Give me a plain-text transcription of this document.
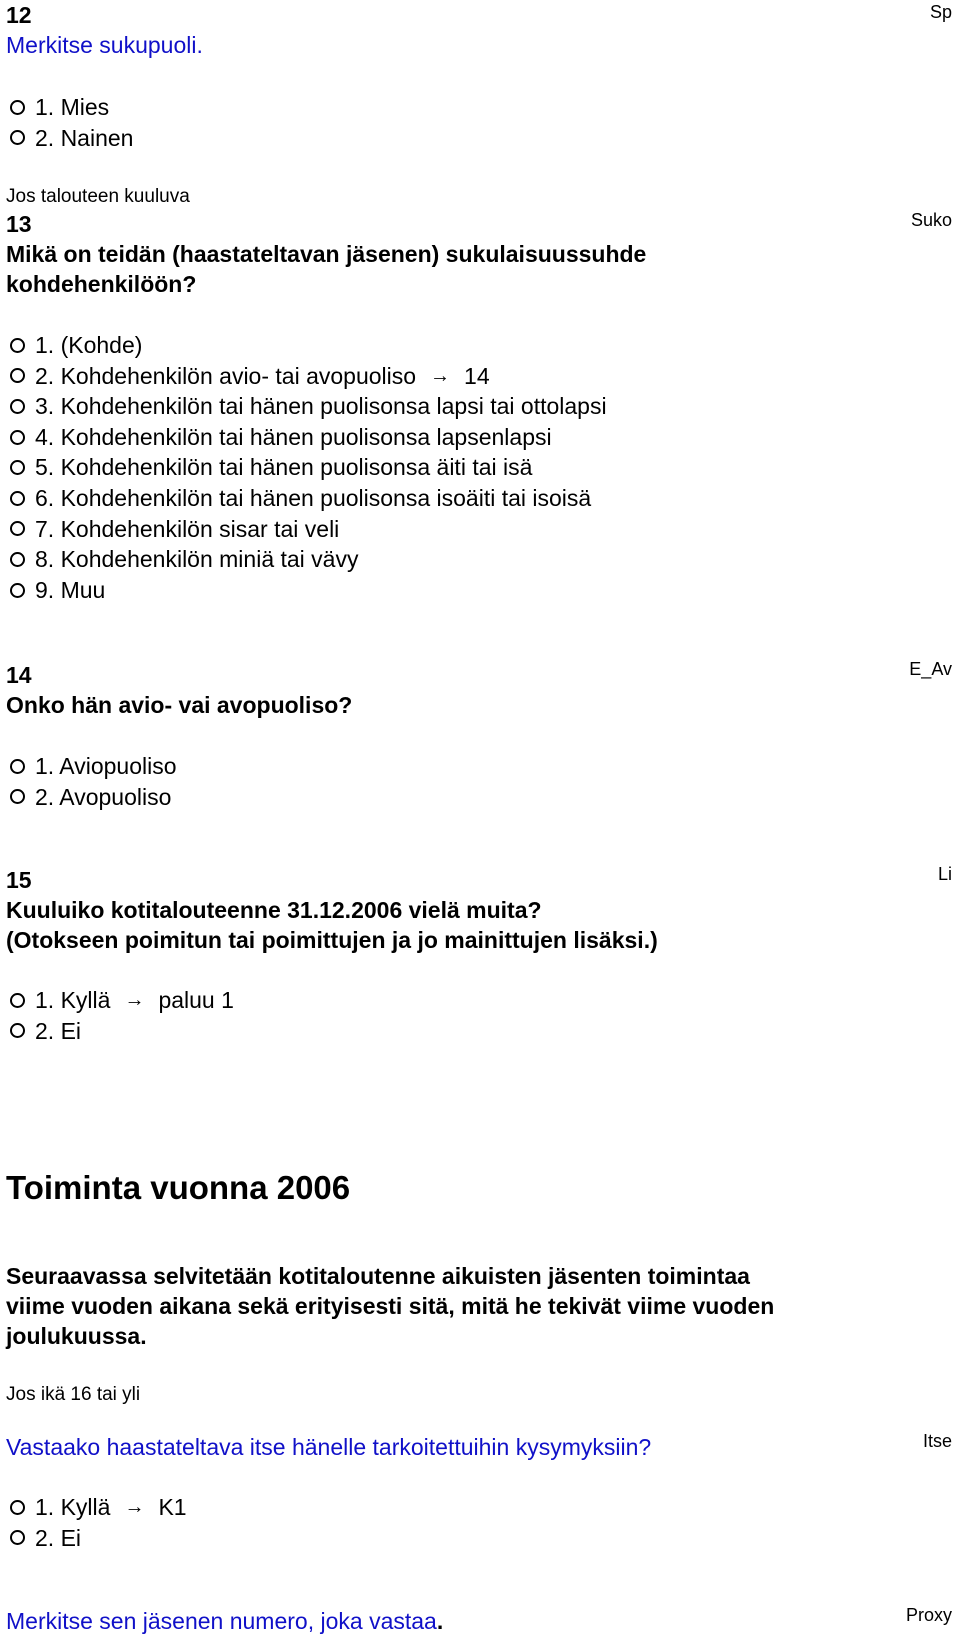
12
Merkitse sukupuoli.
Sp
1. Mies
2. Nainen
Jos talouteen kuuluva
13
Mikä on teidän (haastateltavan jäsenen) sukulaisuussuhde
kohdehenkilöön?
Suko
1. (Kohde)
2. Kohdehenkilön avio- tai avopuoliso → 14
3. Kohdehenkilön tai hänen puolisonsa lapsi tai ottolapsi
4. Kohdehenkilön tai hänen puolisonsa lapsenlapsi
5. Kohdehenkilön tai hänen puolisonsa äiti tai isä
6. Kohdehenkilön tai hänen puolisonsa isoäiti tai isoisä
7. Kohdehenkilön sisar tai veli
8. Kohdehenkilön miniä tai vävy
9. Muu
14
Onko hän avio- vai avopuoliso?
E_Av
1. Aviopuoliso
2. Avopuoliso
15
Kuuluiko kotitalouteenne 31.12.2006 vielä muita?
(Otokseen poimitun tai poimittujen ja jo mainittujen lisäksi.)
Li
1. Kyllä → paluu 1
2. Ei
Toiminta vuonna 2006
Seuraavassa selvitetään kotitaloutenne aikuisten jäsenten toimintaa
viime vuoden aikana sekä erityisesti sitä, mitä he tekivät viime vuoden
joulukuussa.
Jos ikä 16 tai yli
Vastaako haastateltava itse hänelle tarkoitettuihin kysymyksiin?	Itse
1. Kyllä → K1
2. Ei
Merkitse sen jäsenen numero, joka vastaa.	Proxy
